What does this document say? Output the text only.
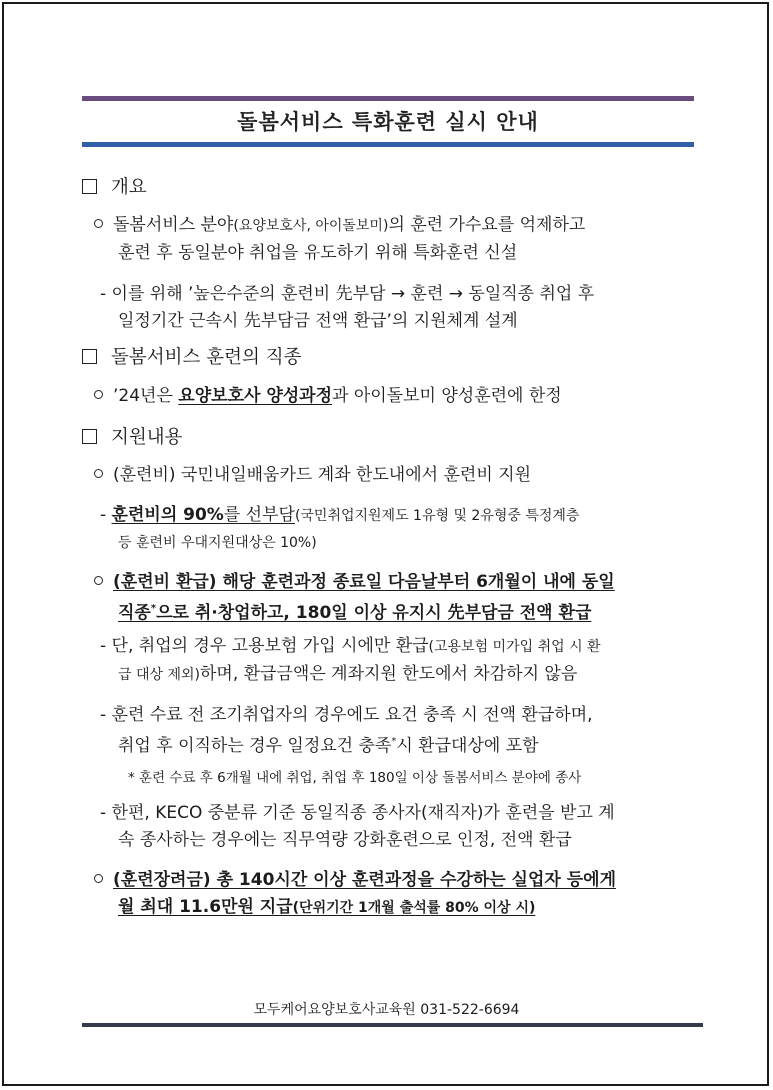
돌봄서비스 특화훈련 실시 안내
개요
돌봄서비스 분야(요양보호사, 아이돌보미)의 훈련 가수요를 억제하고
훈련 후 동일분야 취업을 유도하기 위해 특화훈련 신설
- 이를 위해 ’높은수준의 훈련비 先부담 → 훈련 → 동일직종 취업 후
일정기간 근속시 先부담금 전액 환급’의 지원체계 설계
돌봄서비스 훈련의 직종
’24년은 요양보호사 양성과정과 아이돌보미 양성훈련에 한정
지원내용
(훈련비) 국민내일배움카드 계좌 한도내에서 훈련비 지원
- 훈련비의 90%를 선부담(국민취업지원제도 1유형 및 2유형중 특정계층
등 훈련비 우대지원대상은 10%)
(훈련비 환급) 해당 훈련과정 종료일 다음날부터 6개월이 내에 동일
직종*으로 취·창업하고, 180일 이상 유지시 先부담금 전액 환급
- 단, 취업의 경우 고용보험 가입 시에만 환급(고용보험 미가입 취업 시 환
급 대상 제외)하며, 환급금액은 계좌지원 한도에서 차감하지 않음
- 훈련 수료 전 조기취업자의 경우에도 요건 충족 시 전액 환급하며,
취업 후 이직하는 경우 일정요건 충족*시 환급대상에 포함
* 훈련 수료 후 6개월 내에 취업, 취업 후 180일 이상 돌봄서비스 분야에 종사
- 한편, KECO 중분류 기준 동일직종 종사자(재직자)가 훈련을 받고 계
속 종사하는 경우에는 직무역량 강화훈련으로 인정, 전액 환급
(훈련장려금) 총 140시간 이상 훈련과정을 수강하는 실업자 등에게
월 최대 11.6만원 지급(단위기간 1개월 출석률 80% 이상 시)
모두케어요양보호사교육원 031-522-6694
